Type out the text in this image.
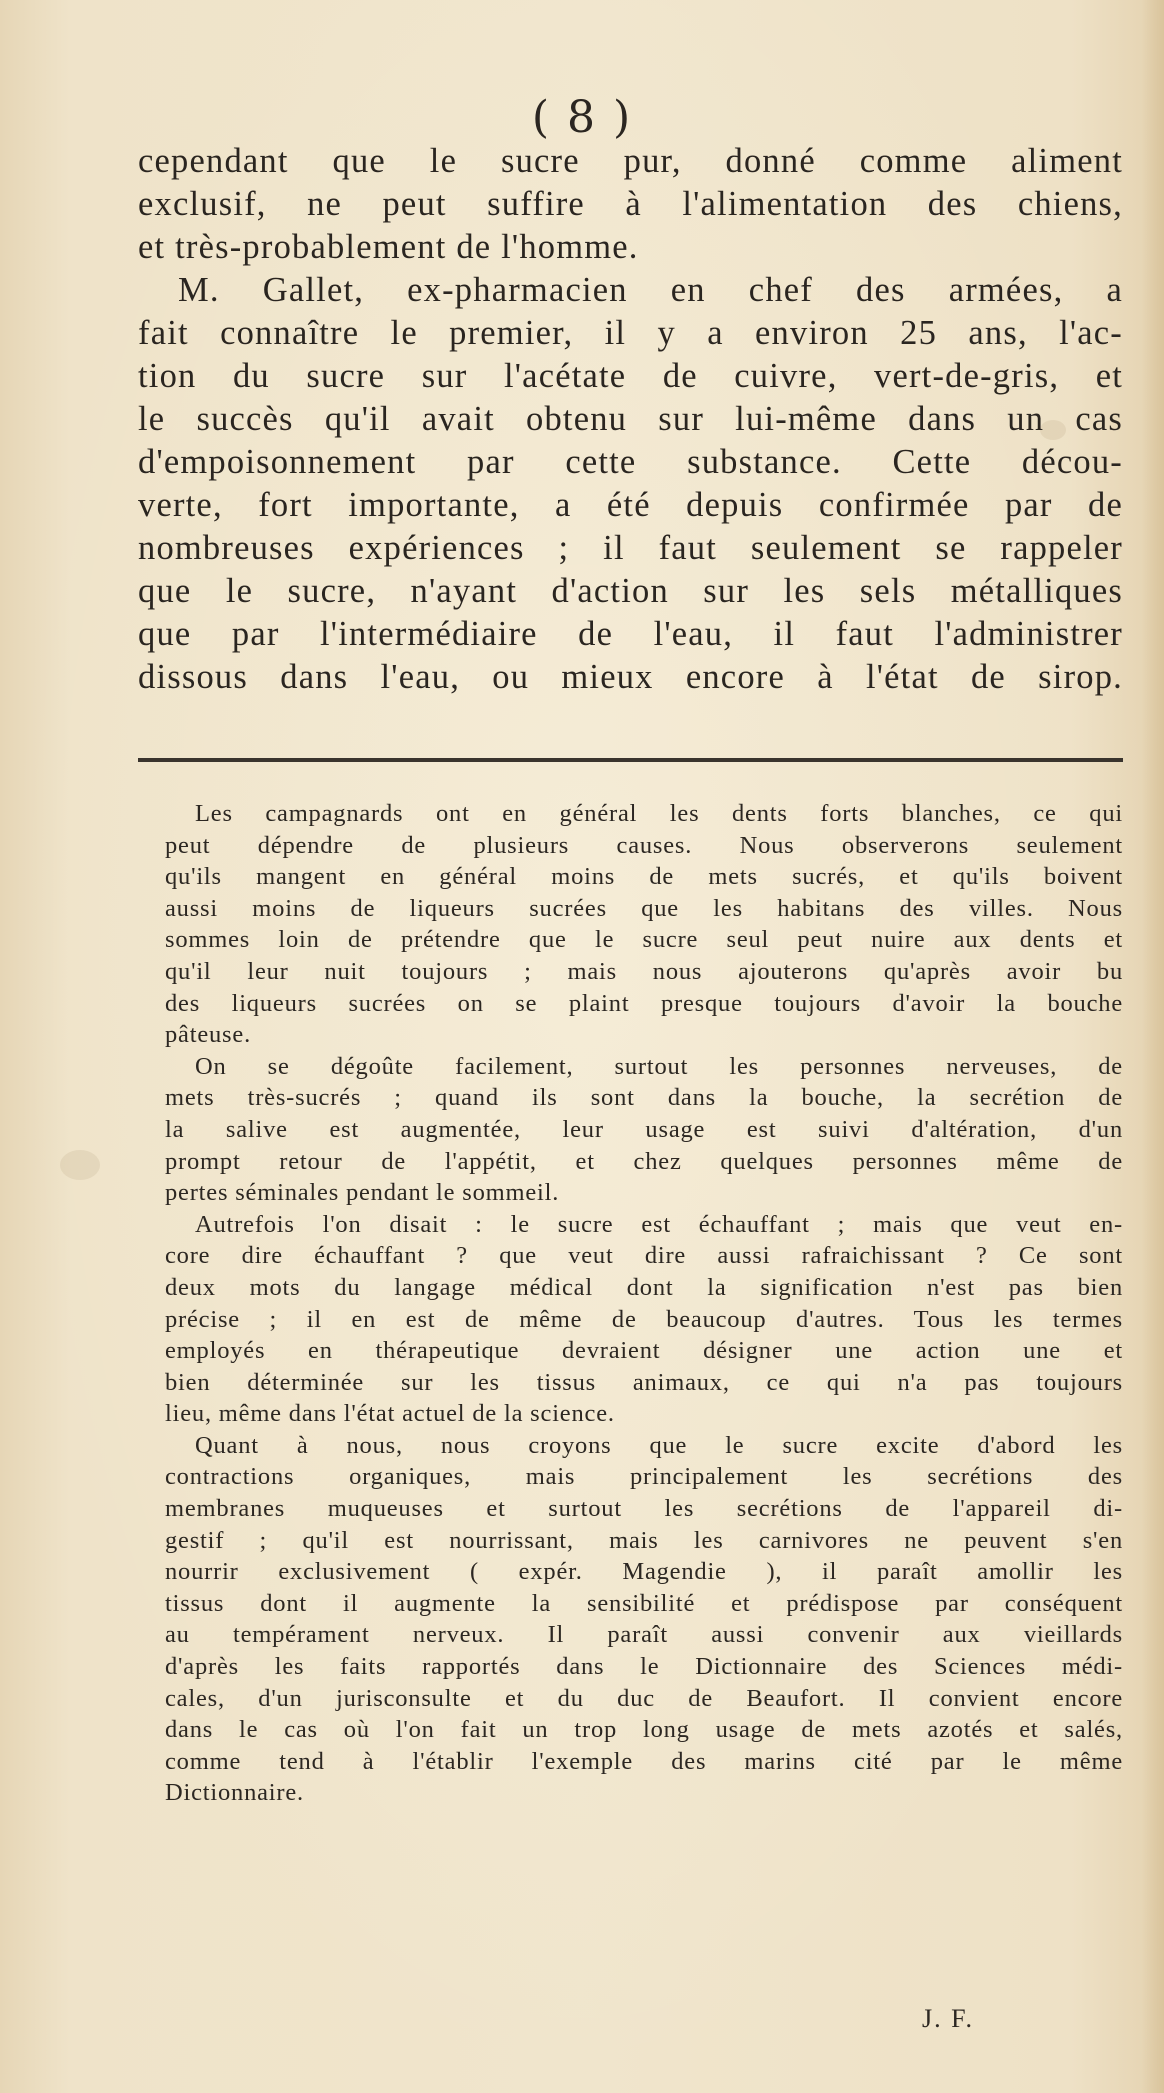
( 8 )
cependant que le sucre pur, donné comme aliment
exclusif, ne peut suffire à l'alimentation des chiens,
et très-probablement de l'homme.
M. Gallet, ex-pharmacien en chef des armées, a
fait connaître le premier, il y a environ 25 ans, l'ac-
tion du sucre sur l'acétate de cuivre, vert-de-gris, et
le succès qu'il avait obtenu sur lui-même dans un cas
d'empoisonnement par cette substance. Cette décou-
verte, fort importante, a été depuis confirmée par de
nombreuses expériences ; il faut seulement se rappeler
que le sucre, n'ayant d'action sur les sels métalliques
que par l'intermédiaire de l'eau, il faut l'administrer
dissous dans l'eau, ou mieux encore à l'état de sirop.
Les campagnards ont en général les dents forts blanches, ce qui
peut dépendre de plusieurs causes. Nous observerons seulement
qu'ils mangent en général moins de mets sucrés, et qu'ils boivent
aussi moins de liqueurs sucrées que les habitans des villes. Nous
sommes loin de prétendre que le sucre seul peut nuire aux dents et
qu'il leur nuit toujours ; mais nous ajouterons qu'après avoir bu
des liqueurs sucrées on se plaint presque toujours d'avoir la bouche
pâteuse.
On se dégoûte facilement, surtout les personnes nerveuses, de
mets très-sucrés ; quand ils sont dans la bouche, la secrétion de
la salive est augmentée, leur usage est suivi d'altération, d'un
prompt retour de l'appétit, et chez quelques personnes même de
pertes séminales pendant le sommeil.
Autrefois l'on disait : le sucre est échauffant ; mais que veut en-
core dire échauffant ? que veut dire aussi rafraichissant ? Ce sont
deux mots du langage médical dont la signification n'est pas bien
précise ; il en est de même de beaucoup d'autres. Tous les termes
employés en thérapeutique devraient désigner une action une et
bien déterminée sur les tissus animaux, ce qui n'a pas toujours
lieu, même dans l'état actuel de la science.
Quant à nous, nous croyons que le sucre excite d'abord les
contractions organiques, mais principalement les secrétions des
membranes muqueuses et surtout les secrétions de l'appareil di-
gestif ; qu'il est nourrissant, mais les carnivores ne peuvent s'en
nourrir exclusivement ( expér. Magendie ), il paraît amollir les
tissus dont il augmente la sensibilité et prédispose par conséquent
au tempérament nerveux. Il paraît aussi convenir aux vieillards
d'après les faits rapportés dans le Dictionnaire des Sciences médi-
cales, d'un jurisconsulte et du duc de Beaufort. Il convient encore
dans le cas où l'on fait un trop long usage de mets azotés et salés,
comme tend à l'établir l'exemple des marins cité par le même
Dictionnaire.
J. F.
